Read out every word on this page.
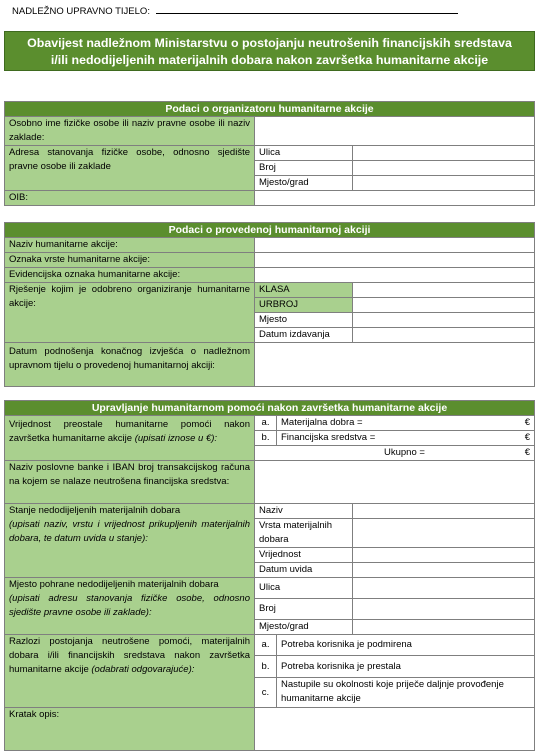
NADLEŽNO UPRAVNO TIJELO:
Obavijest nadležnom Ministarstvu o postojanju neutrošenih financijskih sredstava
i/ili nedodijeljenih materijalnih dobara nakon završetka humanitarne akcije
Podaci o organizatoru humanitarne akcije		
Osobno ime fizičke osobe ili naziv pravne osobe ili naziv zaklade:		
Adresa stanovanja fizičke osobe, odnosno sjedište pravne osobe ili zaklade	Ulica	
	Broj	
	Mjesto/grad	
OIB:		
Podaci o provedenoj humanitarnoj akciji		
Naziv humanitarne akcije:		
Oznaka vrste humanitarne akcije:		
Evidencijska oznaka humanitarne akcije:		
Rješenje kojim je odobreno organiziranje humanitarne akcije:	KLASA	
	URBROJ	
	Mjesto	
	Datum izdavanja	
Datum podnošenja konačnog izvješća o nadležnom upravnom tijelu o provedenoj humanitarnoj akciji:		
Upravljanje humanitarnom pomoći nakon završetka humanitarne akcije			
Vrijednost preostale humanitarne pomoći nakon završetka humanitarne akcije (upisati iznose u €):	a.	Materijalna dobra = €	

	b.	Financijska sredstva = €	

	Ukupno = €		

Naziv poslovne banke i IBAN broj transakcijskog računa na kojem se nalaze neutrošena financijska sredstva:			

Stanje nedodijeljenih materijalnih dobara
(upisati naziv, vrstu i vrijednost prikupljenih materijalnih dobara, te datum uvida u stanje):	Naziv		
	Vrsta materijalnih dobara		
	Vrijednost		
	Datum uvida		

Mjesto pohrane nedodijeljenih materijalnih dobara
(upisati adresu stanovanja fizičke osobe, odnosno sjedište pravne osobe ili zaklade):	Ulica		
	Broj		
	Mjesto/grad		
Razlozi postojanja neutrošene pomoći, materijalnih dobara i/ili financijskih sredstava nakon završetka humanitarne akcije (odabrati odgovarajuće):	a.	Potreba korisnika je podmirena	
	b.	Potreba korisnika je prestala	
	c.	Nastupile su okolnosti koje priječe daljnje provođenje humanitarne akcije	
Kratak opis:			
